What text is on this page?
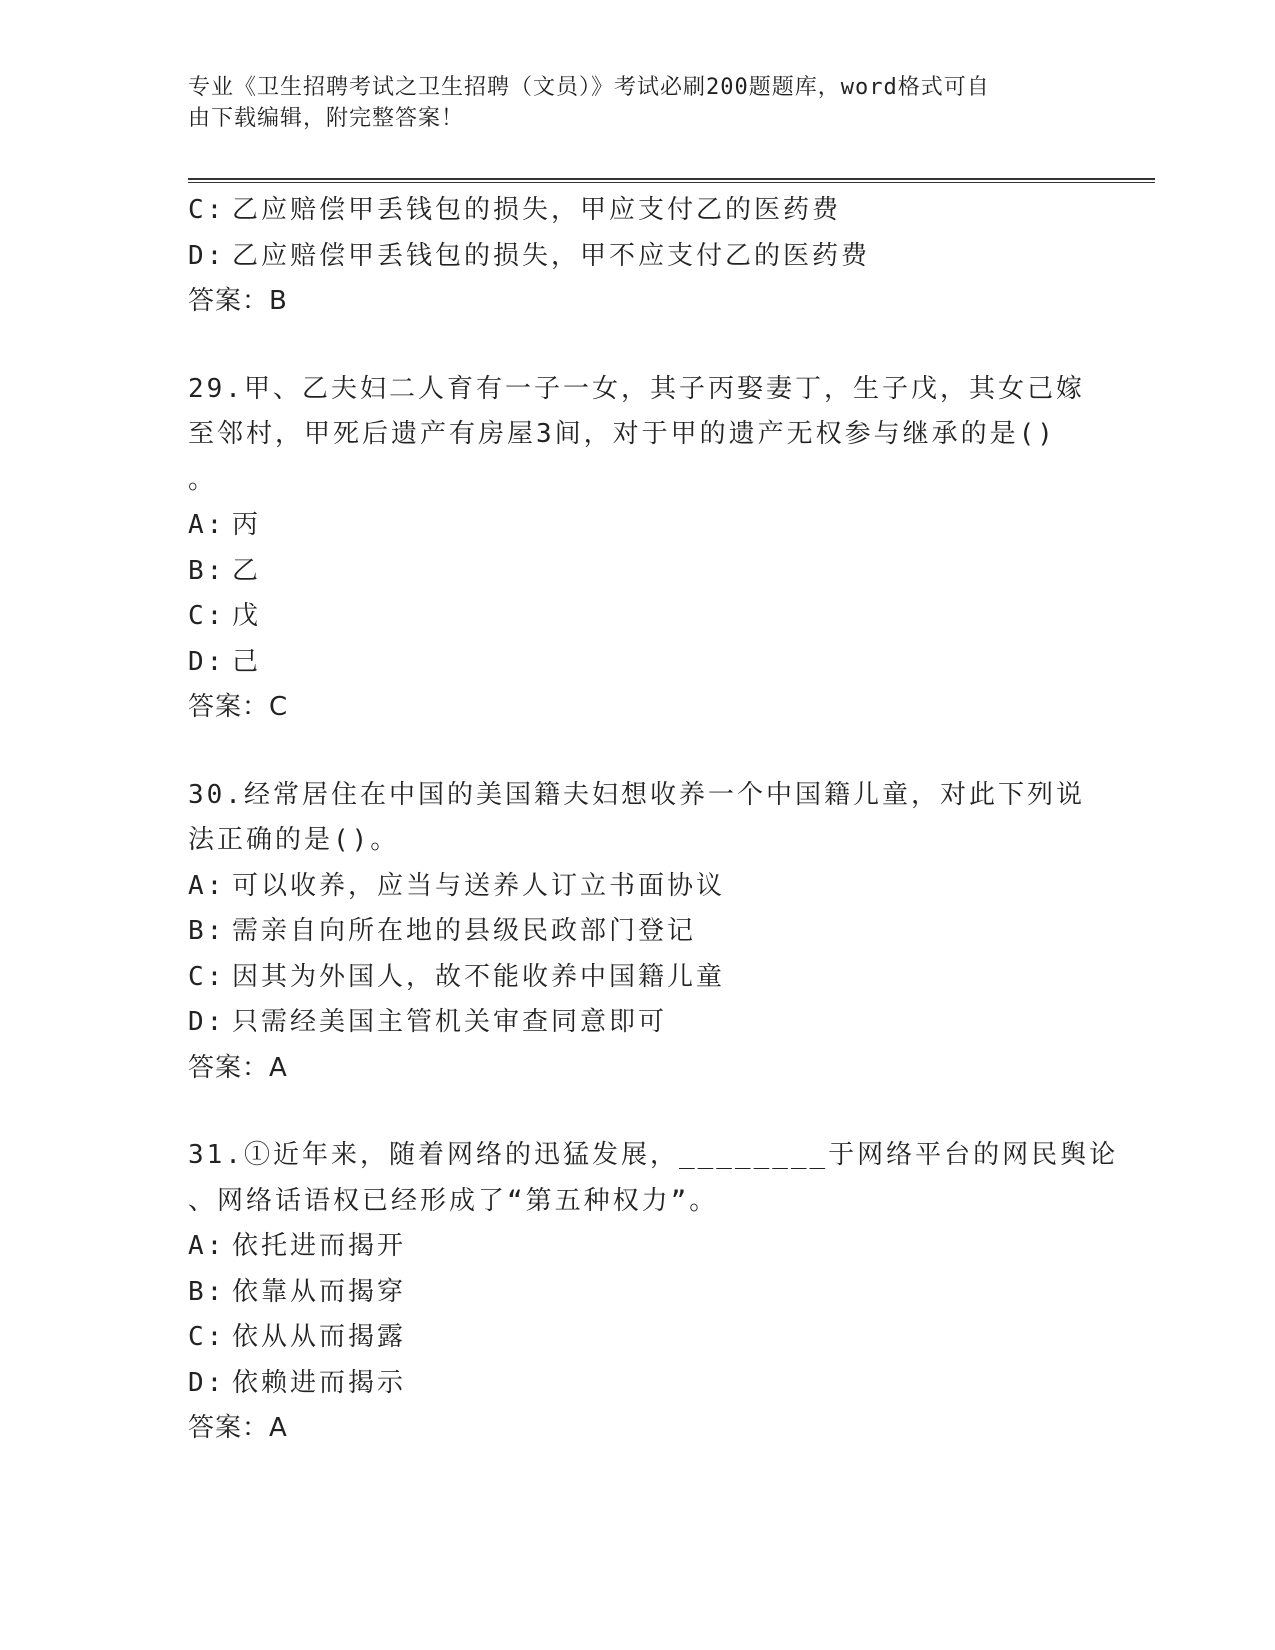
专业《卫生招聘考试之卫生招聘（文员）》考试必刷200题题库，word格式可自
由下载编辑，附完整答案！
C: 乙应赔偿甲丢钱包的损失，甲应支付乙的医药费
D: 乙应赔偿甲丢钱包的损失，甲不应支付乙的医药费
答案：B
29.甲、乙夫妇二人育有一子一女，其子丙娶妻丁，生子戊，其女己嫁
至邻村，甲死后遗产有房屋3间，对于甲的遗产无权参与继承的是()
。
A: 丙
B: 乙
C: 戊
D: 己
答案：C
30.经常居住在中国的美国籍夫妇想收养一个中国籍儿童，对此下列说
法正确的是()。
A: 可以收养，应当与送养人订立书面协议
B: 需亲自向所在地的县级民政部门登记
C: 因其为外国人，故不能收养中国籍儿童
D: 只需经美国主管机关审查同意即可
答案：A
31.①近年来，随着网络的迅猛发展，________于网络平台的网民舆论
、网络话语权已经形成了“第五种权力”。
A: 依托进而揭开
B: 依靠从而揭穿
C: 依从从而揭露
D: 依赖进而揭示
答案：A
